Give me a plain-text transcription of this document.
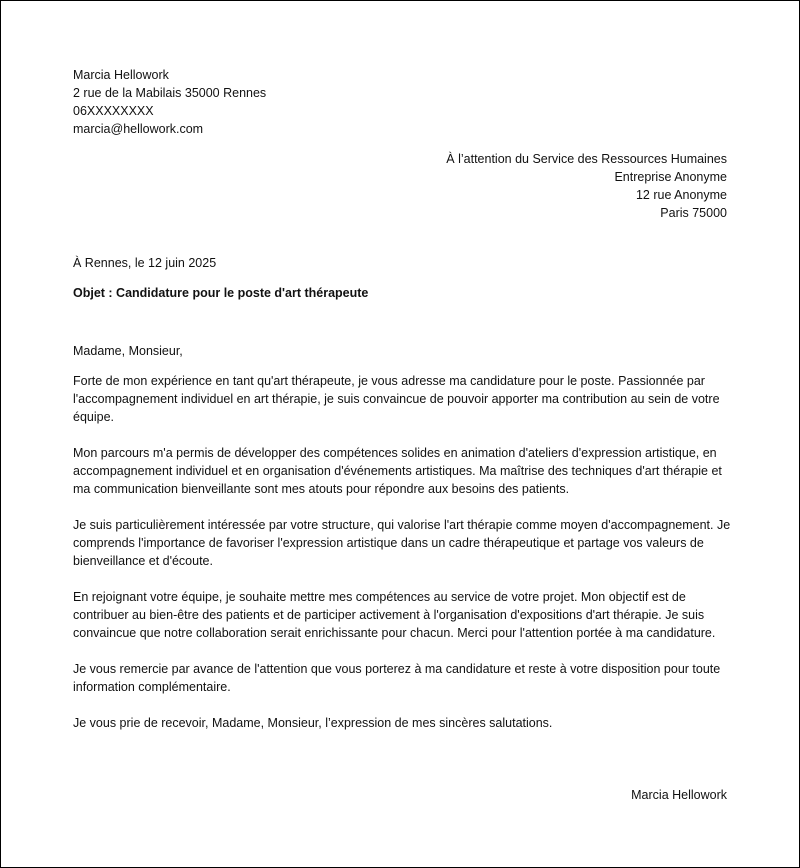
Marcia Hellowork
2 rue de la Mabilais 35000 Rennes
06XXXXXXXX
marcia@hellowork.com
À l’attention du Service des Ressources Humaines
Entreprise Anonyme
12 rue Anonyme
Paris 75000
À Rennes, le 12 juin 2025
Objet : Candidature pour le poste d'art thérapeute
Madame, Monsieur,

Forte de mon expérience en tant qu'art thérapeute, je vous adresse ma candidature pour le poste. Passionnée par l'accompagnement individuel en art thérapie, je suis convaincue de pouvoir apporter ma contribution au sein de votre équipe.

Mon parcours m'a permis de développer des compétences solides en animation d'ateliers d'expression artistique, en accompagnement individuel et en organisation d'événements artistiques. Ma maîtrise des techniques d'art thérapie et ma communication bienveillante sont mes atouts pour répondre aux besoins des patients.

Je suis particulièrement intéressée par votre structure, qui valorise l'art thérapie comme moyen d'accompagnement. Je comprends l'importance de favoriser l'expression artistique dans un cadre thérapeutique et partage vos valeurs de bienveillance et d'écoute.

En rejoignant votre équipe, je souhaite mettre mes compétences au service de votre projet. Mon objectif est de contribuer au bien-être des patients et de participer activement à l'organisation d'expositions d'art thérapie. Je suis convaincue que notre collaboration serait enrichissante pour chacun. Merci pour l'attention portée à ma candidature.

Je vous remercie par avance de l'attention que vous porterez à ma candidature et reste à votre disposition pour toute information complémentaire.

Je vous prie de recevoir, Madame, Monsieur, l’expression de mes sincères salutations.

Marcia Hellowork
